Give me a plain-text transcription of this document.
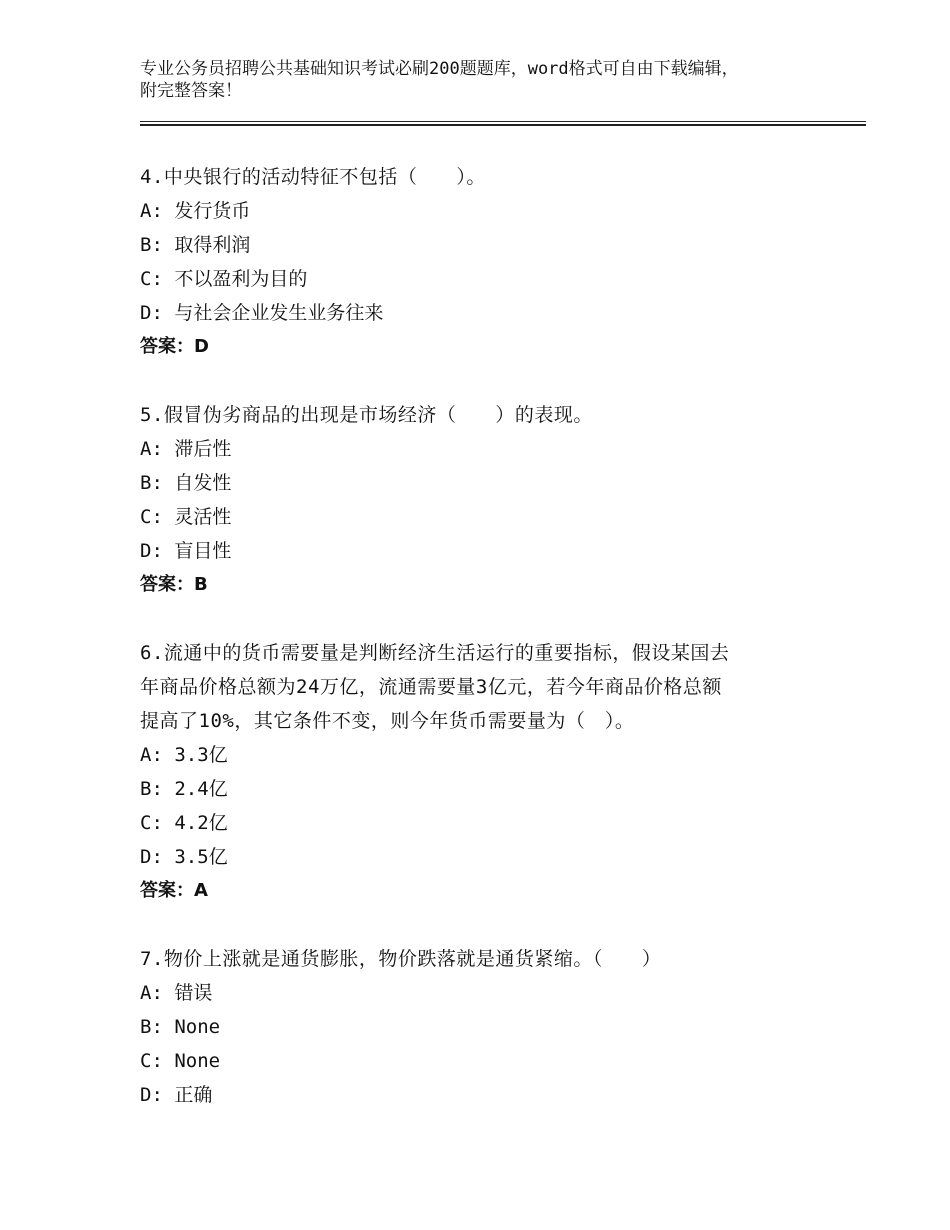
专业公务员招聘公共基础知识考试必刷200题题库，word格式可自由下载编辑，
附完整答案！

4.中央银行的活动特征不包括（　　）。

A: 发行货币

B: 取得利润

C: 不以盈利为目的

D: 与社会企业发生业务往来

答案：D

5.假冒伪劣商品的出现是市场经济（　　）的表现。

A: 滞后性

B: 自发性

C: 灵活性

D: 盲目性

答案：B

6.流通中的货币需要量是判断经济生活运行的重要指标，假设某国去

年商品价格总额为24万亿，流通需要量3亿元，若今年商品价格总额

提高了10%，其它条件不变，则今年货币需要量为（　）。

A: 3.3亿

B: 2.4亿

C: 4.2亿

D: 3.5亿

答案：A

7.物价上涨就是通货膨胀，物价跌落就是通货紧缩。（　　）

A: 错误

B: None

C: None

D: 正确
